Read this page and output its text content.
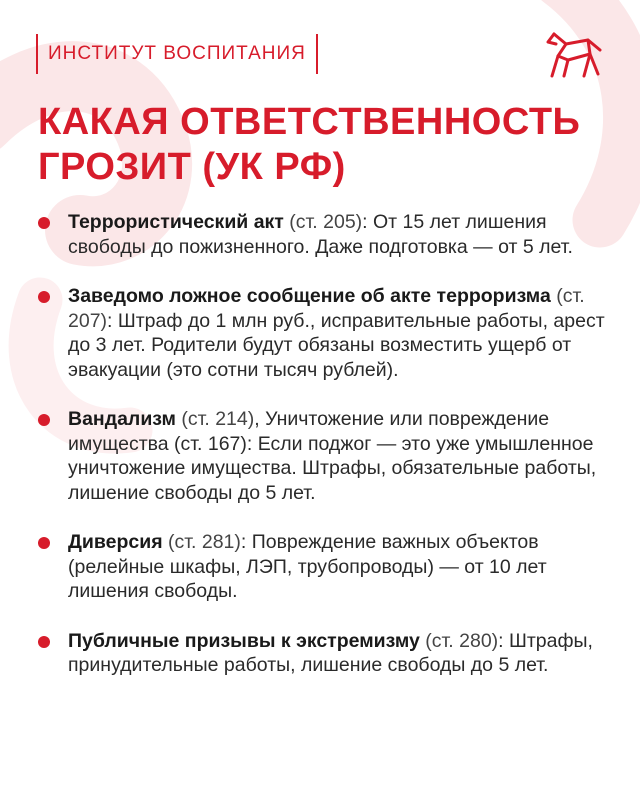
ИНСТИТУТ ВОСПИТАНИЯ
КАКАЯ ОТВЕТСТВЕННОСТЬ
ГРОЗИТ (УК РФ)
Террористический акт (ст. 205): От 15 лет лишения свободы до пожизненного. Даже подготовка — от 5 лет.
Заведомо ложное сообщение об акте терроризма (ст. 207): Штраф до 1 млн руб., исправительные работы, арест до 3 лет. Родители будут обязаны возместить ущерб от эвакуации (это сотни тысяч рублей).
Вандализм (ст. 214), Уничтожение или повреждение имущества (ст. 167): Если поджог — это уже умышленное уничтожение имущества. Штрафы, обязательные работы, лишение свободы до 5 лет.
Диверсия (ст. 281): Повреждение важных объектов (релейные шкафы, ЛЭП, трубопроводы) — от 10 лет лишения свободы.
Публичные призывы к экстремизму (ст. 280): Штрафы, принудительные работы, лишение свободы до 5 лет.
